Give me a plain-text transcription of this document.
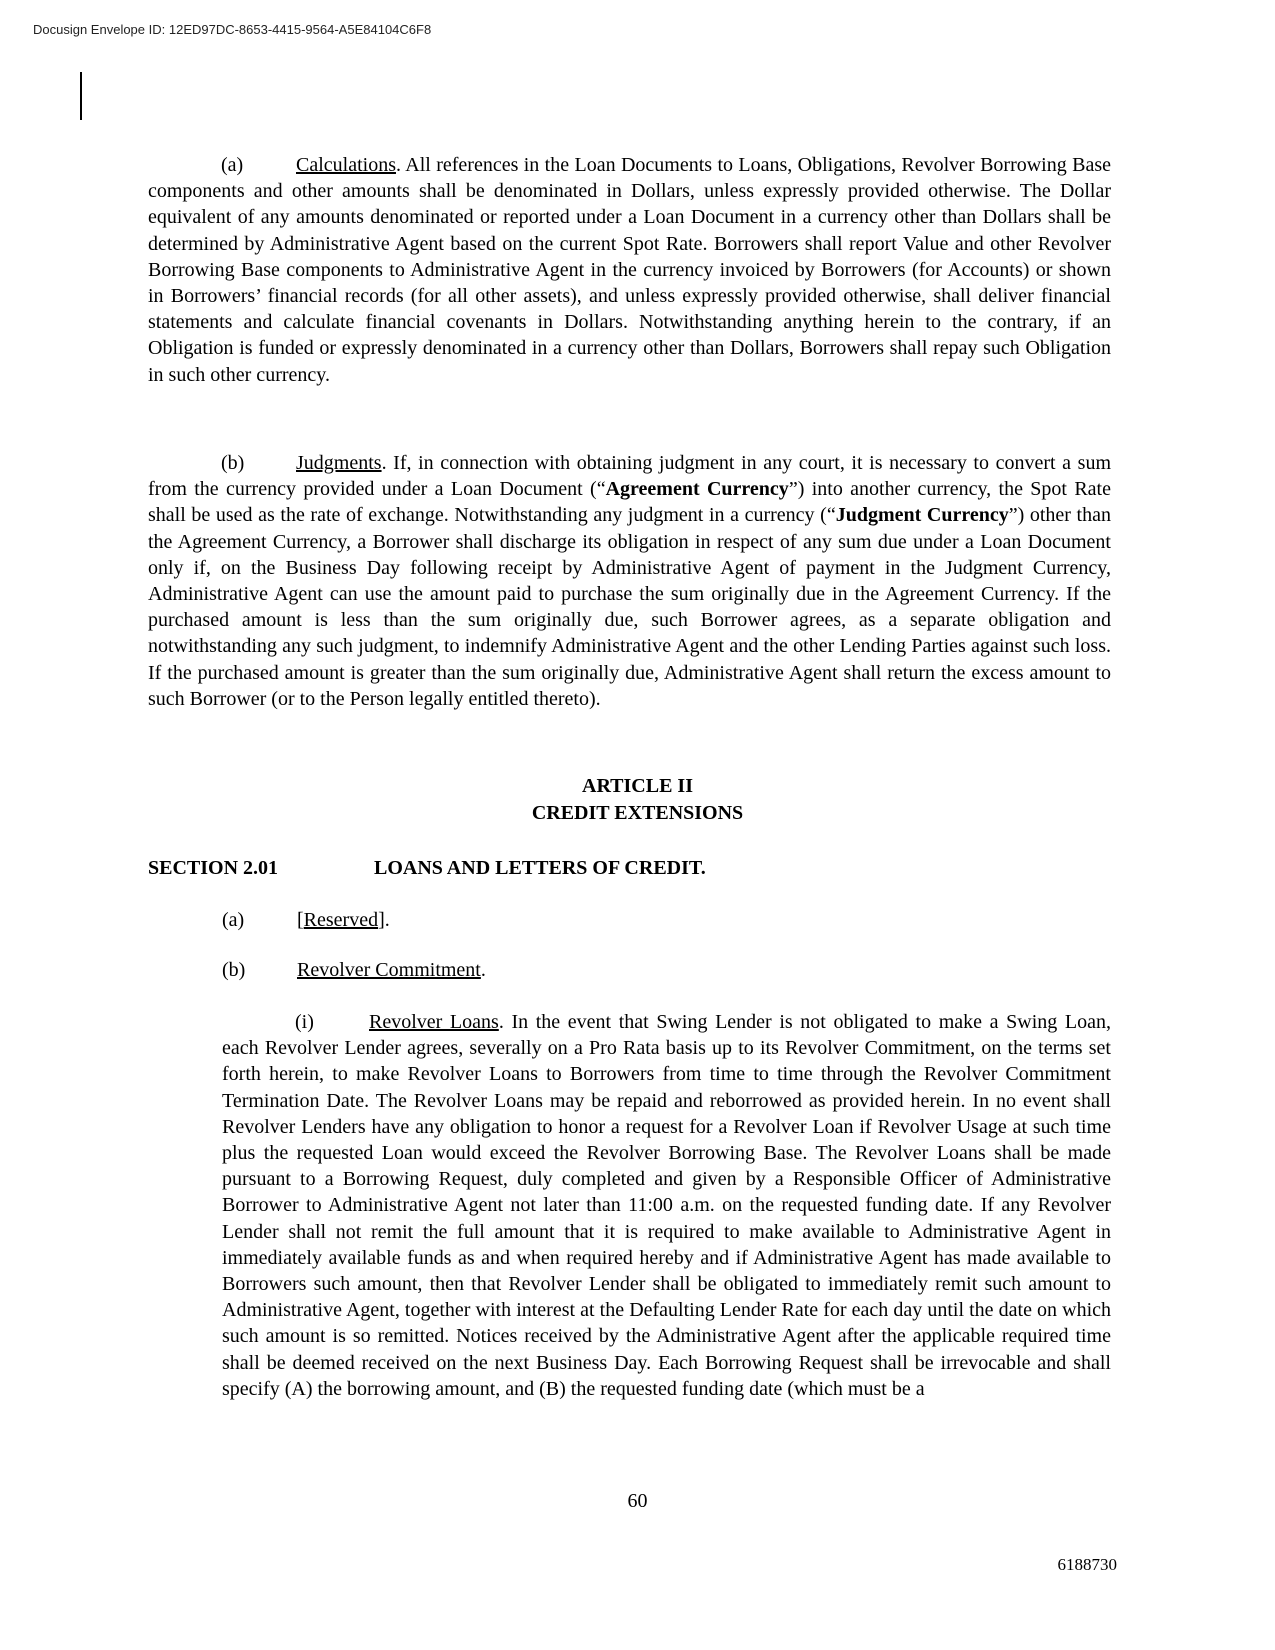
Docusign Envelope ID: 12ED97DC-8653-4415-9564-A5E84104C6F8

(a)	Calculations. All references in the Loan Documents to Loans, Obligations, Revolver Borrowing Base components and other amounts shall be denominated in Dollars, unless expressly provided otherwise. The Dollar equivalent of any amounts denominated or reported under a Loan Document in a currency other than Dollars shall be determined by Administrative Agent based on the current Spot Rate. Borrowers shall report Value and other Revolver Borrowing Base components to Administrative Agent in the currency invoiced by Borrowers (for Accounts) or shown in Borrowers’ financial records (for all other assets), and unless expressly provided otherwise, shall deliver financial statements and calculate financial covenants in Dollars. Notwithstanding anything herein to the contrary, if an Obligation is funded or expressly denominated in a currency other than Dollars, Borrowers shall repay such Obligation in such other currency.

(b)	Judgments. If, in connection with obtaining judgment in any court, it is necessary to convert a sum from the currency provided under a Loan Document (“Agreement Currency”) into another currency, the Spot Rate shall be used as the rate of exchange. Notwithstanding any judgment in a currency (“Judgment Currency”) other than the Agreement Currency, a Borrower shall discharge its obligation in respect of any sum due under a Loan Document only if, on the Business Day following receipt by Administrative Agent of payment in the Judgment Currency, Administrative Agent can use the amount paid to purchase the sum originally due in the Agreement Currency. If the purchased amount is less than the sum originally due, such Borrower agrees, as a separate obligation and notwithstanding any such judgment, to indemnify Administrative Agent and the other Lending Parties against such loss. If the purchased amount is greater than the sum originally due, Administrative Agent shall return the excess amount to such Borrower (or to the Person legally entitled thereto).

ARTICLE II
CREDIT EXTENSIONS
SECTION 2.01	LOANS AND LETTERS OF CREDIT.
(a)	[Reserved].
(b)	Revolver Commitment.

(i)	Revolver Loans. In the event that Swing Lender is not obligated to make a Swing Loan, each Revolver Lender agrees, severally on a Pro Rata basis up to its Revolver Commitment, on the terms set forth herein, to make Revolver Loans to Borrowers from time to time through the Revolver Commitment Termination Date. The Revolver Loans may be repaid and reborrowed as provided herein. In no event shall Revolver Lenders have any obligation to honor a request for a Revolver Loan if Revolver Usage at such time plus the requested Loan would exceed the Revolver Borrowing Base. The Revolver Loans shall be made pursuant to a Borrowing Request, duly completed and given by a Responsible Officer of Administrative Borrower to Administrative Agent not later than 11:00 a.m. on the requested funding date. If any Revolver Lender shall not remit the full amount that it is required to make available to Administrative Agent in immediately available funds as and when required hereby and if Administrative Agent has made available to Borrowers such amount, then that Revolver Lender shall be obligated to immediately remit such amount to Administrative Agent, together with interest at the Defaulting Lender Rate for each day until the date on which such amount is so remitted. Notices received by the Administrative Agent after the applicable required time shall be deemed received on the next Business Day. Each Borrowing Request shall be irrevocable and shall specify (A) the borrowing amount, and (B) the requested funding date (which must be a

60
6188730
